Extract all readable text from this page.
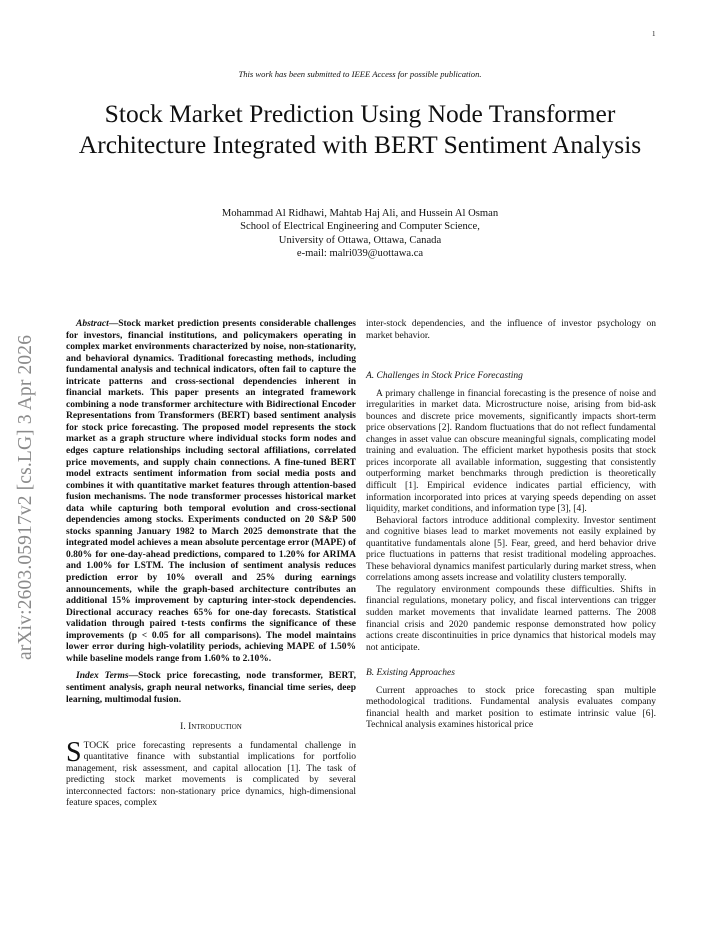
1
This work has been submitted to IEEE Access for possible publication.
Stock Market Prediction Using Node Transformer Architecture Integrated with BERT Sentiment Analysis
Mohammad Al Ridhawi, Mahtab Haj Ali, and Hussein Al Osman
School of Electrical Engineering and Computer Science,
University of Ottawa, Ottawa, Canada
e-mail: malri039@uottawa.ca
arXiv:2603.05917v2 [cs.LG] 3 Apr 2026

Abstract—Stock market prediction presents considerable challenges for investors, financial institutions, and policymakers operating in complex market environments characterized by noise, non-stationarity, and behavioral dynamics. Traditional forecasting methods, including fundamental analysis and technical indicators, often fail to capture the intricate patterns and cross-sectional dependencies inherent in financial markets. This paper presents an integrated framework combining a node transformer architecture with Bidirectional Encoder Representations from Transformers (BERT) based sentiment analysis for stock price forecasting. The proposed model represents the stock market as a graph structure where individual stocks form nodes and edges capture relationships including sectoral affiliations, correlated price movements, and supply chain connections. A fine-tuned BERT model extracts sentiment information from social media posts and combines it with quantitative market features through attention-based fusion mechanisms. The node transformer processes historical market data while capturing both temporal evolution and cross-sectional dependencies among stocks. Experiments conducted on 20 S&P 500 stocks spanning January 1982 to March 2025 demonstrate that the integrated model achieves a mean absolute percentage error (MAPE) of 0.80% for one-day-ahead predictions, compared to 1.20% for ARIMA and 1.00% for LSTM. The inclusion of sentiment analysis reduces prediction error by 10% overall and 25% during earnings announcements, while the graph-based architecture contributes an additional 15% improvement by capturing inter-stock dependencies. Directional accuracy reaches 65% for one-day forecasts. Statistical validation through paired t-tests confirms the significance of these improvements (p < 0.05 for all comparisons). The model maintains lower error during high-volatility periods, achieving MAPE of 1.50% while baseline models range from 1.60% to 2.10%.

Index Terms—Stock price forecasting, node transformer, BERT, sentiment analysis, graph neural networks, financial time series, deep learning, multimodal fusion.

I. Introduction

STOCK price forecasting represents a fundamental challenge in quantitative finance with substantial implications for portfolio management, risk assessment, and capital allocation [1]. The task of predicting stock market movements is complicated by several interconnected factors: non-stationary price dynamics, high-dimensional feature spaces, complex

inter-stock dependencies, and the influence of investor psychology on market behavior.

A. Challenges in Stock Price Forecasting

A primary challenge in financial forecasting is the presence of noise and irregularities in market data. Microstructure noise, arising from bid-ask bounces and discrete price movements, significantly impacts short-term price observations [2]. Random fluctuations that do not reflect fundamental changes in asset value can obscure meaningful signals, complicating model training and evaluation. The efficient market hypothesis posits that stock prices incorporate all available information, suggesting that consistently outperforming market benchmarks through prediction is theoretically difficult [1]. Empirical evidence indicates partial efficiency, with information incorporated into prices at varying speeds depending on asset liquidity, market conditions, and information type [3], [4].

Behavioral factors introduce additional complexity. Investor sentiment and cognitive biases lead to market movements not easily explained by quantitative fundamentals alone [5]. Fear, greed, and herd behavior drive price fluctuations in patterns that resist traditional modeling approaches. These behavioral dynamics manifest particularly during market stress, when correlations among assets increase and volatility clusters temporally.

The regulatory environment compounds these difficulties. Shifts in financial regulations, monetary policy, and fiscal interventions can trigger sudden market movements that invalidate learned patterns. The 2008 financial crisis and 2020 pandemic response demonstrated how policy actions create discontinuities in price dynamics that historical models may not anticipate.

B. Existing Approaches

Current approaches to stock price forecasting span multiple methodological traditions. Fundamental analysis evaluates company financial health and market position to estimate intrinsic value [6]. Technical analysis examines historical price
